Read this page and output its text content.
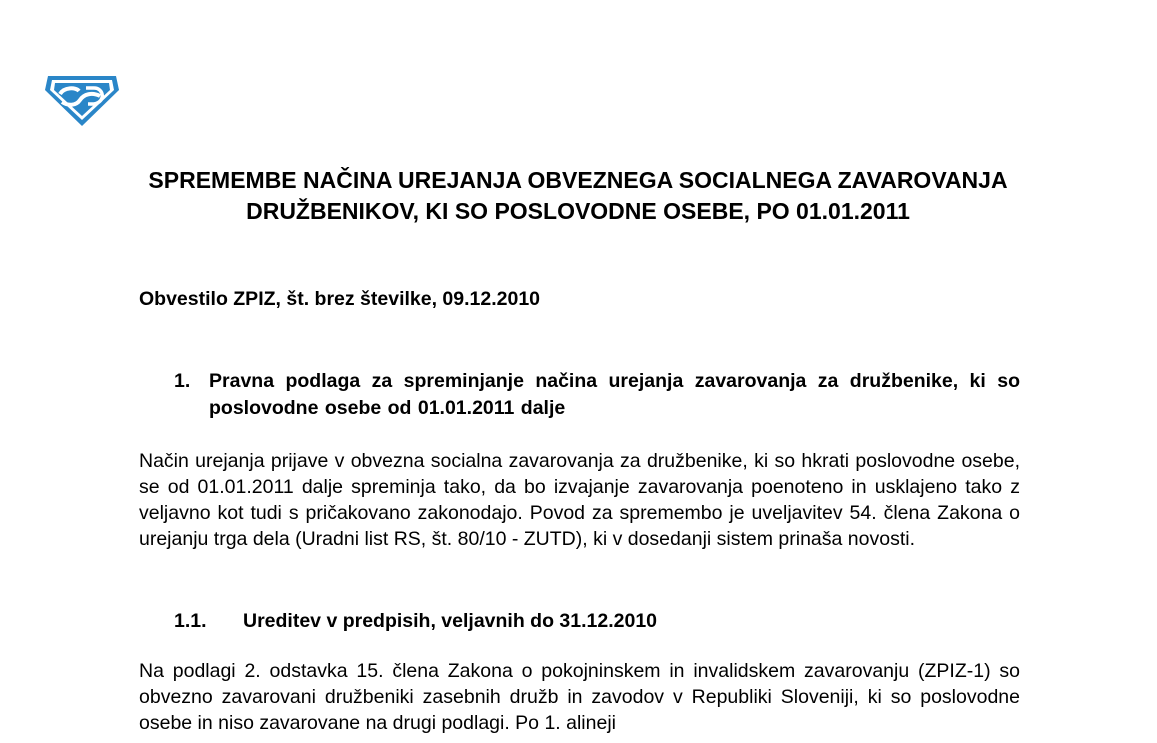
SPREMEMBE NAČINA UREJANJA OBVEZNEGA SOCIALNEGA ZAVAROVANJA DRUŽBENIKOV, KI SO POSLOVODNE OSEBE, PO 01.01.2011

Obvestilo ZPIZ, št. brez številke, 09.12.2010

1. Pravna podlaga za spreminjanje načina urejanja zavarovanja za družbenike, ki so poslovodne osebe od 01.01.2011 dalje

Način urejanja prijave v obvezna socialna zavarovanja za družbenike, ki so hkrati poslovodne osebe, se od 01.01.2011 dalje spreminja tako, da bo izvajanje zavarovanja poenoteno in usklajeno tako z veljavno kot tudi s pričakovano zakonodajo. Povod za spremembo je uveljavitev 54. člena Zakona o urejanju trga dela (Uradni list RS, št. 80/10 - ZUTD), ki v dosedanji sistem prinaša novosti.

1.1. Ureditev v predpisih, veljavnih do 31.12.2010

Na podlagi 2. odstavka 15. člena Zakona o pokojninskem in invalidskem zavarovanju (ZPIZ-1) so obvezno zavarovani družbeniki zasebnih družb in zavodov v Republiki Sloveniji, ki so poslovodne osebe in niso zavarovane na drugi podlagi. Po 1. alineji
